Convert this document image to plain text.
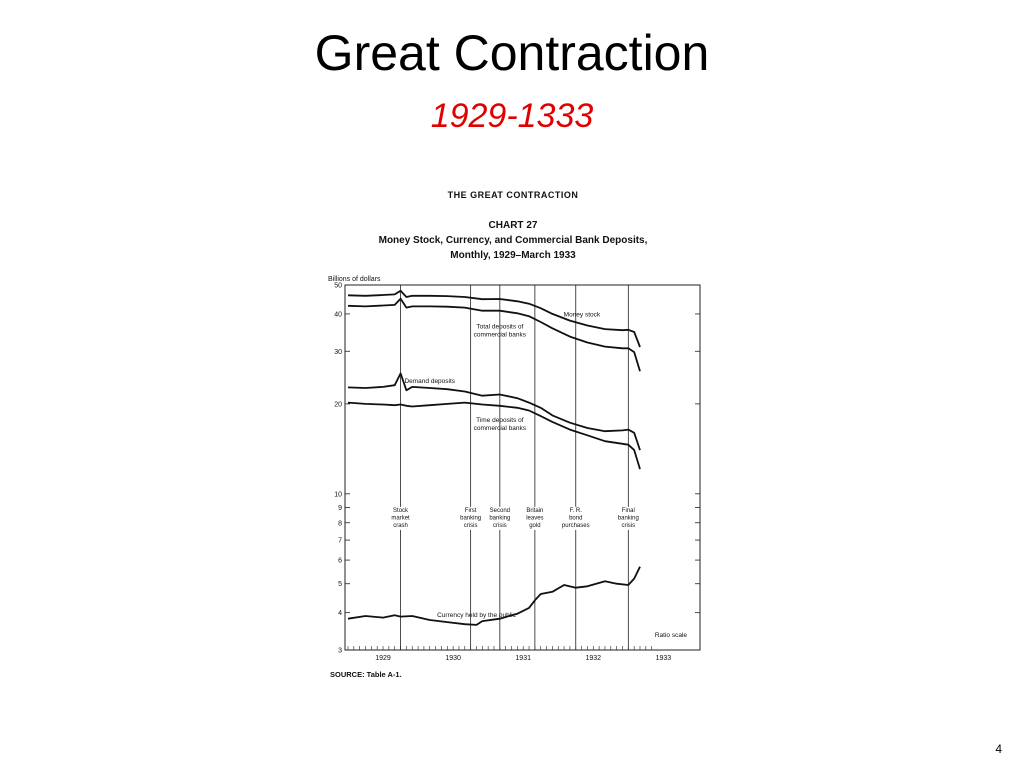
Great Contraction
1929-1333
THE GREAT CONTRACTION
CHART 27
Money Stock, Currency, and Commercial Bank Deposits,
Monthly, 1929–March 1933
Billions of dollars
3
4
5
6
7
8
9
10
20
30
40
50
1929	1930	1931	1932	1933
Stock market crash
First banking crisis
Second banking crisis
Britain leaves gold
F. R. bond purchases
Final banking crisis
Money stock
Total deposits of commercial banks
Demand deposits
Time deposits of commercial banks
Currency held by the public
Ratio scale
SOURCE: Table A-1.
4
